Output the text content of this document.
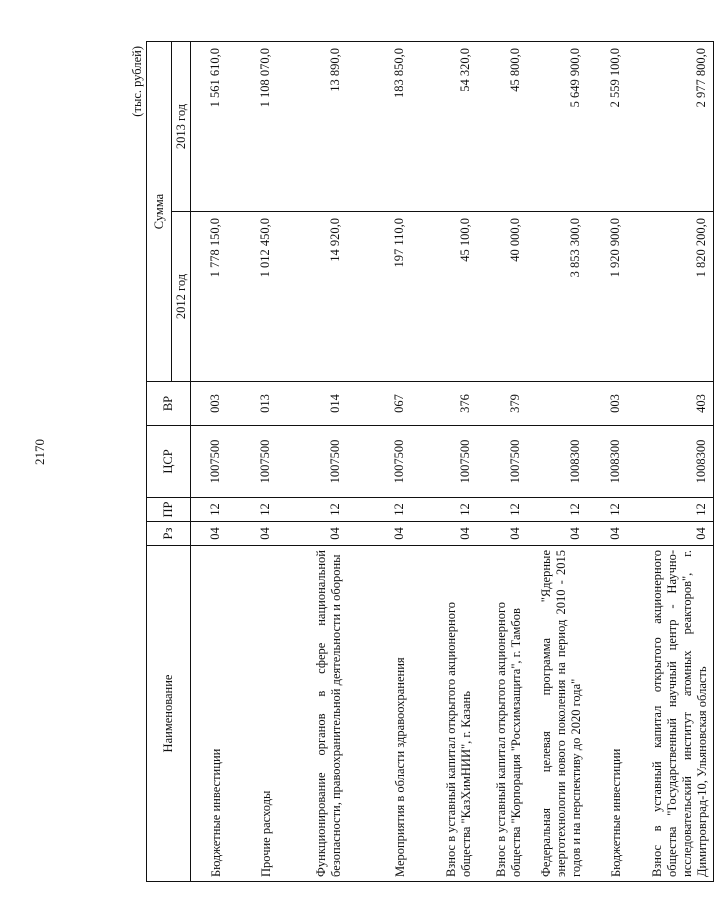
2170
(тыс. рублей)
Наименование	Рз	ПР	ЦСР	ВР	Сумма	
					2012 год	2013 год
Бюджетные инвестиции	04	12	1007500	003	1 778 150,0	1 561 610,0
Прочие расходы	04	12	1007500	013	1 012 450,0	1 108 070,0
Функционирование органов в сфере национальной безопасности, правоохранительной деятельности и обороны	04	12	1007500	014	14 920,0	13 890,0
Мероприятия в области здравоохранения	04	12	1007500	067	197 110,0	183 850,0
Взнос в уставный капитал открытого акционерного общества "КазХимНИИ", г. Казань	04	12	1007500	376	45 100,0	54 320,0
Взнос в уставный капитал открытого акционерного общества "Корпорация "Росхимзащита", г. Тамбов	04	12	1007500	379	40 000,0	45 800,0
Федеральная целевая программа "Ядерные энерготехнологии нового поколения на период 2010 - 2015 годов и на перспективу до 2020 года"	04	12	1008300		3 853 300,0	5 649 900,0
Бюджетные инвестиции	04	12	1008300	003	1 920 900,0	2 559 100,0
Взнос в уставный капитал открытого акционерного общества "Государственный научный центр - Научно-исследовательский институт атомных реакторов", г. Димитровград-10, Ульяновская область	04	12	1008300	403	1 820 200,0	2 977 800,0
